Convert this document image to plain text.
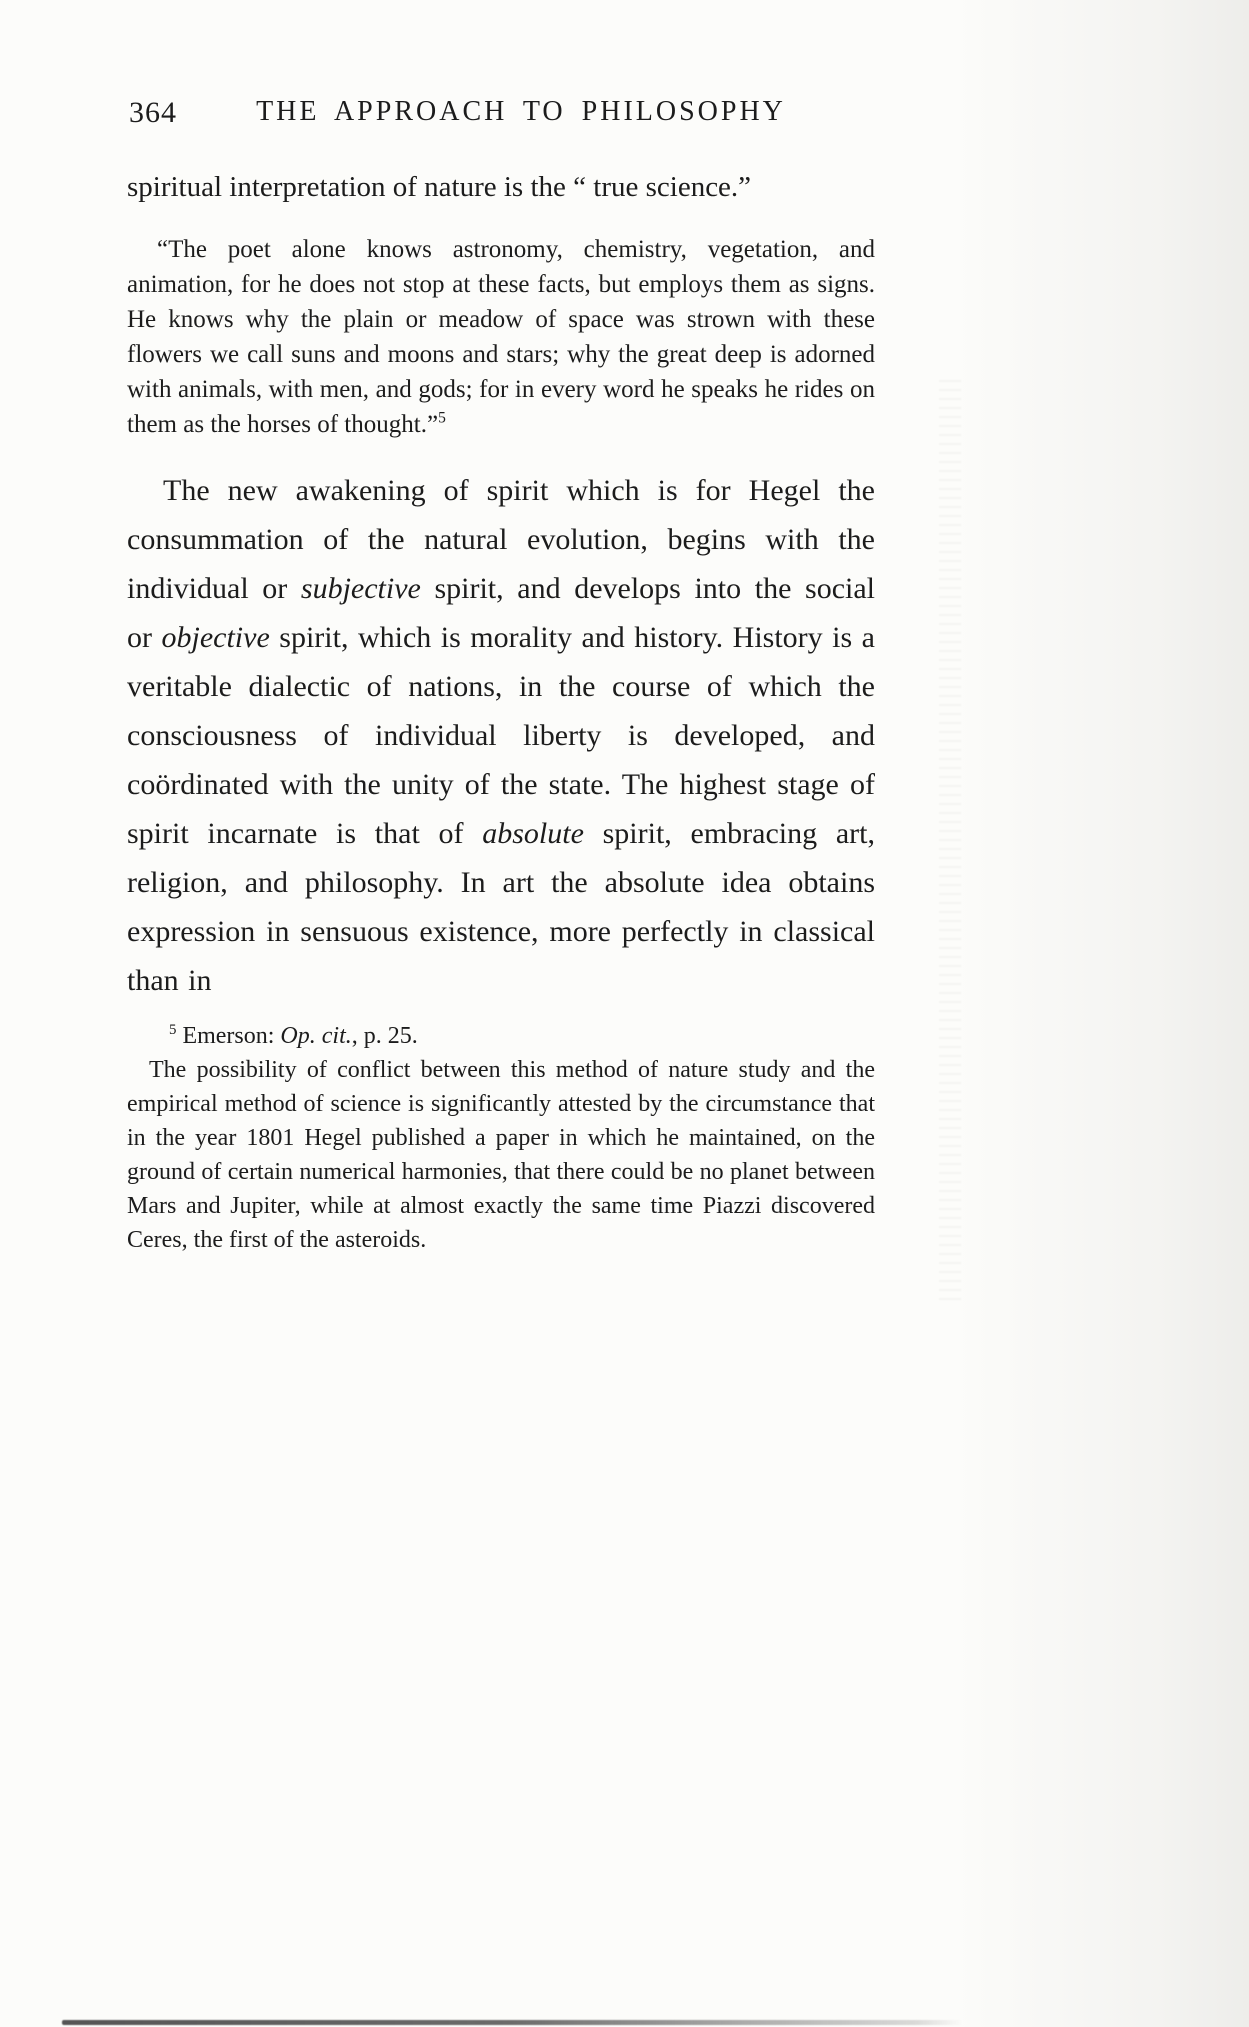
364	THE APPROACH TO PHILOSOPHY

spiritual interpretation of nature is the “ true science.”

“The poet alone knows astronomy, chemistry, vegetation, and animation, for he does not stop at these facts, but employs them as signs. He knows why the plain or meadow of space was strown with these flowers we call suns and moons and stars; why the great deep is adorned with animals, with men, and gods; for in every word he speaks he rides on them as the horses of thought.”$^5$

The new awakening of spirit which is for Hegel the consummation of the natural evolution, begins with the individual or subjective spirit, and develops into the social or objective spirit, which is morality and history. History is a veritable dialectic of nations, in the course of which the consciousness of individual liberty is developed, and coördinated with the unity of the state. The highest stage of spirit incarnate is that of absolute spirit, embracing art, religion, and philosophy. In art the absolute idea obtains expression in sensuous existence, more perfectly in classical than in

$^5$ Emerson: Op. cit., p. 25.

The possibility of conflict between this method of nature study and the empirical method of science is significantly attested by the circumstance that in the year 1801 Hegel published a paper in which he maintained, on the ground of certain numerical harmonies, that there could be no planet between Mars and Jupiter, while at almost exactly the same time Piazzi discovered Ceres, the first of the asteroids.
